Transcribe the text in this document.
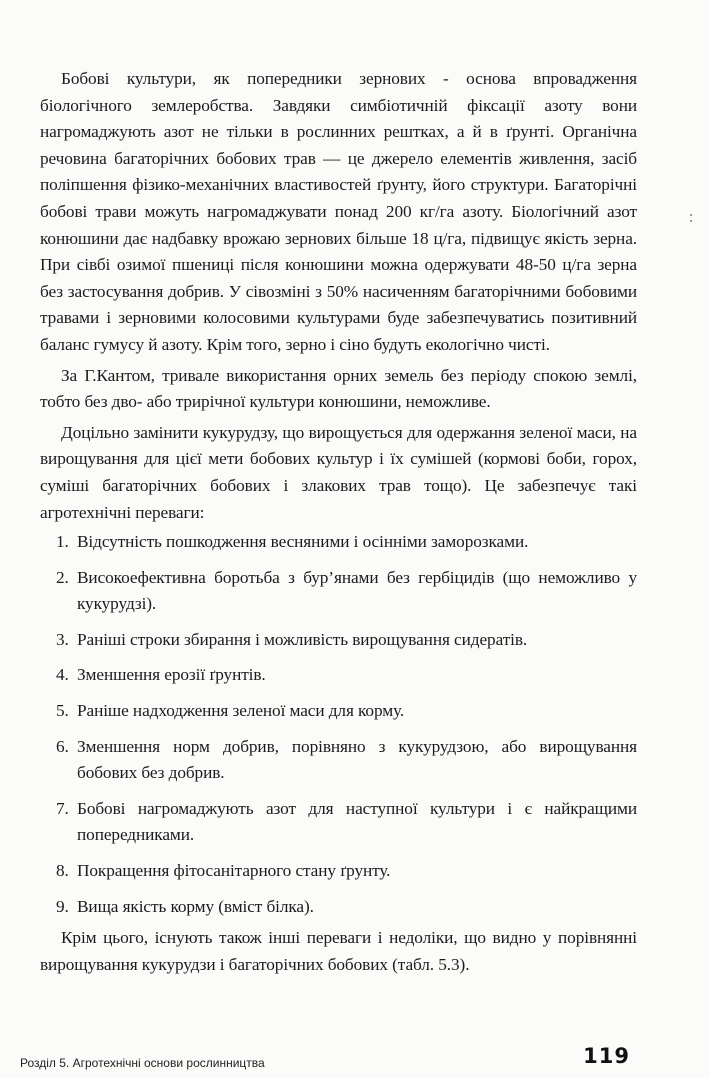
Бобові культури, як попередники зернових - основа впровадження біологічного землеробства. Завдяки симбіотичній фіксації азоту вони нагромаджують азот не тільки в рослинних рештках, а й в ґрунті. Органічна речовина багаторічних бобових трав — це джерело елементів живлення, засіб поліпшення фізико-механічних властивостей ґрунту, його структури. Багаторічні бобові трави можуть нагромаджувати понад 200 кг/га азоту. Біологічний азот конюшини дає надбавку врожаю зернових більше 18 ц/га, підвищує якість зерна. При сівбі озимої пшениці після конюшини можна одержувати 48-50 ц/га зерна без застосування добрив. У сівозміні з 50% насиченням багаторічними бобовими травами і зерновими колосовими культурами буде забезпечуватись позитивний баланс гумусу й азоту. Крім того, зерно і сіно будуть екологічно чисті.

За Г.Кантом, тривале використання орних земель без періоду спокою землі, тобто без дво- або трирічної культури конюшини, неможливе.

Доцільно замінити кукурудзу, що вирощується для одержання зеленої маси, на вирощування для цієї мети бобових культур і їх сумішей (кормові боби, горох, суміші багаторічних бобових і злакових трав тощо). Це забезпечує такі агротехнічні переваги:

1. Відсутність пошкодження весняними і осінніми заморозками.
2. Високоефективна боротьба з бур’янами без гербіцидів (що неможливо у кукурудзі).
3. Раніші строки збирання і можливість вирощування сидератів.
4. Зменшення ерозії ґрунтів.
5. Раніше надходження зеленої маси для корму.
6. Зменшення норм добрив, порівняно з кукурудзою, або вирощування бобових без добрив.
7. Бобові нагромаджують азот для наступної культури і є найкращими попередниками.
8. Покращення фітосанітарного стану ґрунту.
9. Вища якість корму (вміст білка).

Крім цього, існують також інші переваги і недоліки, що видно у порівнянні вирощування кукурудзи і багаторічних бобових (табл. 5.3).

Розділ 5. Агротехнічні основи рослинництва	119
